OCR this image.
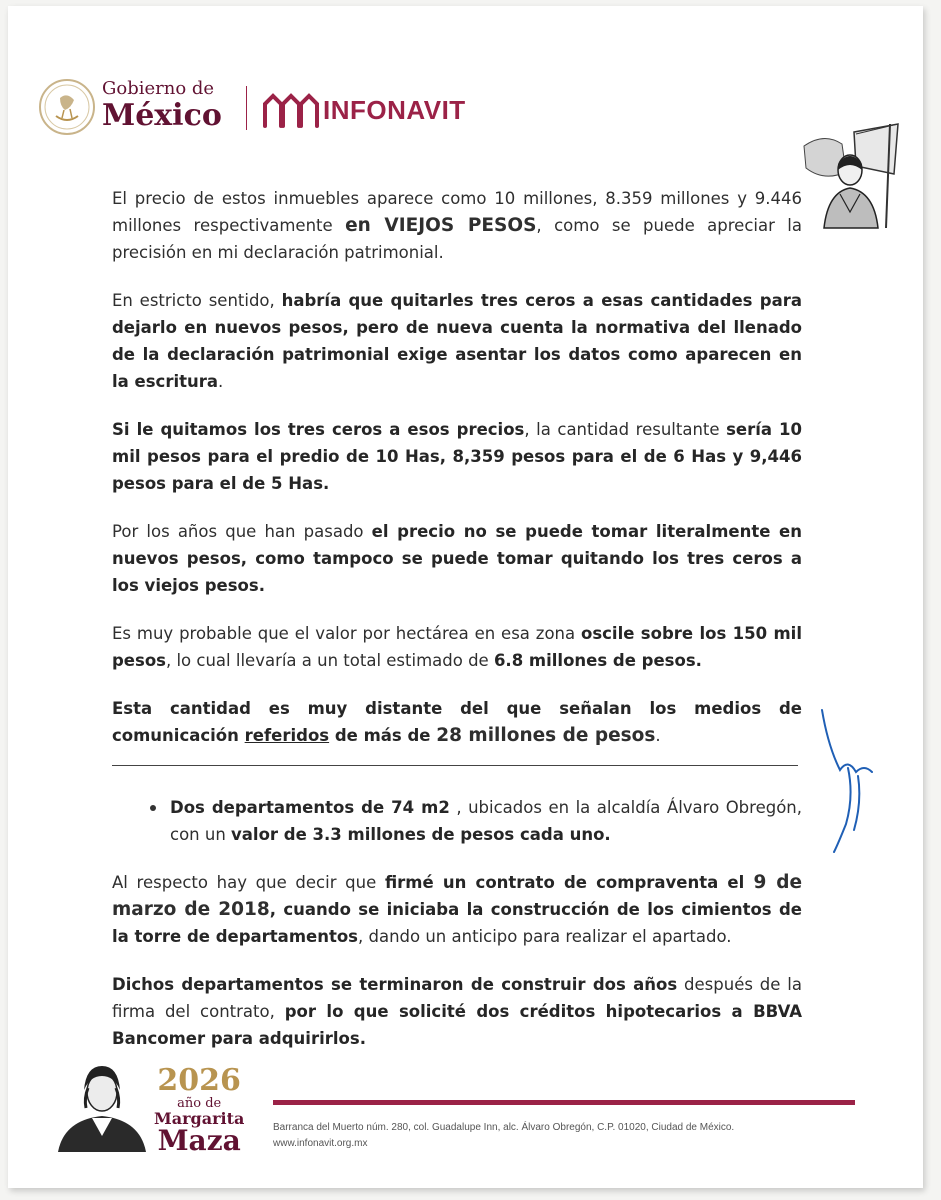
Gobierno de
México	INFONAVIT

El precio de estos inmuebles aparece como 10 millones, 8.359 millones y 9.446 millones respectivamente en VIEJOS PESOS, como se puede apreciar la precisión en mi declaración patrimonial.

En estricto sentido, habría que quitarles tres ceros a esas cantidades para dejarlo en nuevos pesos, pero de nueva cuenta la normativa del llenado de la declaración patrimonial exige asentar los datos como aparecen en la escritura.

Si le quitamos los tres ceros a esos precios, la cantidad resultante sería 10 mil pesos para el predio de 10 Has, 8,359 pesos para el de 6 Has y 9,446 pesos para el de 5 Has.

Por los años que han pasado el precio no se puede tomar literalmente en nuevos pesos, como tampoco se puede tomar quitando los tres ceros a los viejos pesos.

Es muy probable que el valor por hectárea en esa zona oscile sobre los 150 mil pesos, lo cual llevaría a un total estimado de 6.8 millones de pesos.

Esta cantidad es muy distante del que señalan los medios de comunicación referidos de más de 28 millones de pesos.

Dos departamentos de 74 m2 , ubicados en la alcaldía Álvaro Obregón, con un valor de 3.3 millones de pesos cada uno.

Al respecto hay que decir que firmé un contrato de compraventa el 9 de marzo de 2018, cuando se iniciaba la construcción de los cimientos de la torre de departamentos, dando un anticipo para realizar el apartado.

Dichos departamentos se terminaron de construir dos años después de la firma del contrato, por lo que solicité dos créditos hipotecarios a BBVA Bancomer para adquirirlos.

2026
año de
Margarita
Maza	Barranca del Muerto núm. 280, col. Guadalupe Inn, alc. Álvaro Obregón, C.P. 01020, Ciudad de México.
www.infonavit.org.mx
